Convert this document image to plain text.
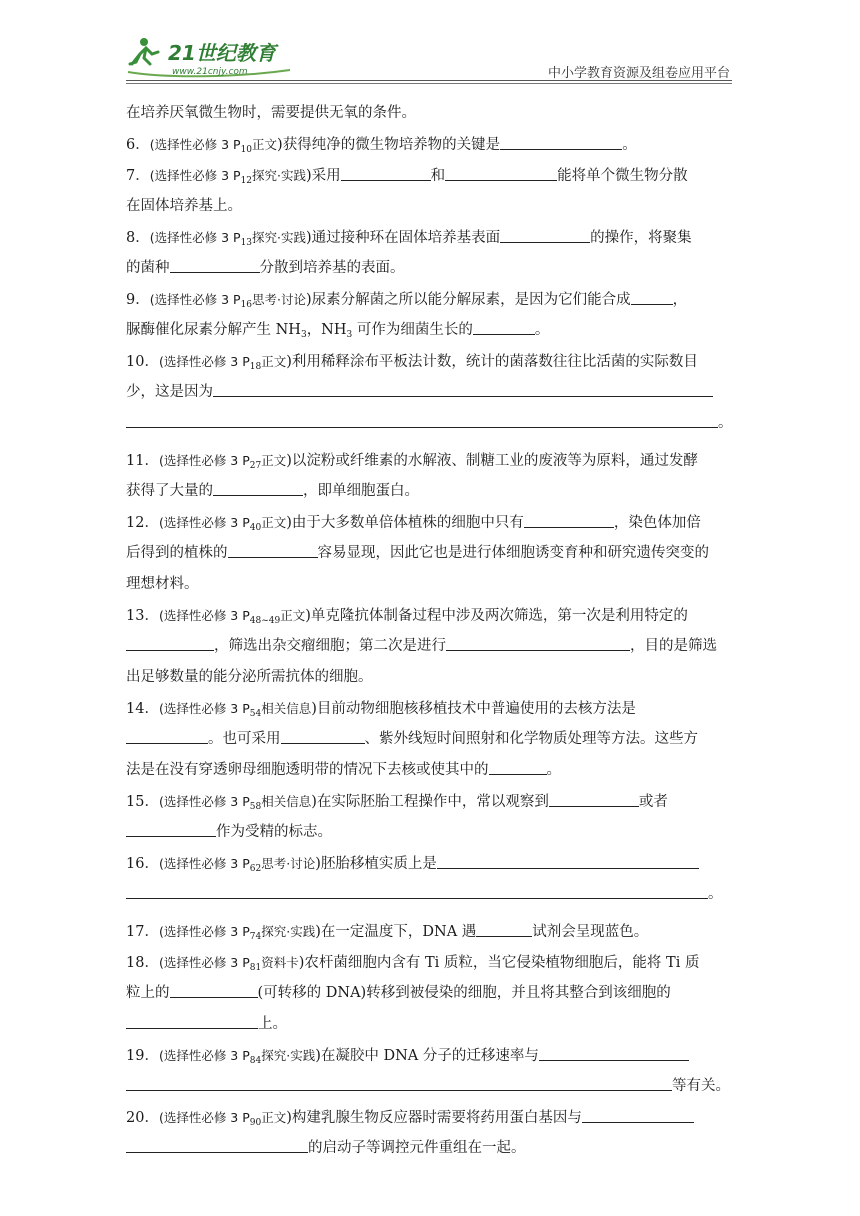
21世纪教育
www.21cnjy.com	中小学教育资源及组卷应用平台
在培养厌氧微生物时，需要提供无氧的条件。
6．(选择性必修 3 $P_{10}$正文)获得纯净的微生物培养物的关键是	。
7．(选择性必修 3 $P_{12}$探究·实践)采用	和	能将单个微生物分散
在固体培养基上。
8．(选择性必修 3 $P_{13}$探究·实践)通过接种环在固体培养基表面	的操作，将聚集
的菌种	分散到培养基的表面。
9．(选择性必修 3 $P_{16}$思考·讨论)尿素分解菌之所以能分解尿素，是因为它们能合成	，
脲酶催化尿素分解产生 $NH_3$，$NH_3$ 可作为细菌生长的	。
10．(选择性必修 3 $P_{18}$正文)利用稀释涂布平板法计数，统计的菌落数往往比活菌的实际数目
少，这是因为
。
11．(选择性必修 3 $P_{27}$正文)以淀粉或纤维素的水解液、制糖工业的废液等为原料，通过发酵
获得了大量的	，即单细胞蛋白。
12．(选择性必修 3 $P_{40}$正文)由于大多数单倍体植株的细胞中只有	，染色体加倍
后得到的植株的	容易显现，因此它也是进行体细胞诱变育种和研究遗传突变的
理想材料。
13．(选择性必修 3 $P_{48\sim 49}$正文)单克隆抗体制备过程中涉及两次筛选，第一次是利用特定的
，筛选出杂交瘤细胞；第二次是进行	，目的是筛选
出足够数量的能分泌所需抗体的细胞。
14．(选择性必修 3 $P_{54}$相关信息)目前动物细胞核移植技术中普遍使用的去核方法是
。也可采用	、紫外线短时间照射和化学物质处理等方法。这些方
法是在没有穿透卵母细胞透明带的情况下去核或使其中的	。
15．(选择性必修 3 $P_{58}$相关信息)在实际胚胎工程操作中，常以观察到	或者
作为受精的标志。
16．(选择性必修 3 $P_{62}$思考·讨论)胚胎移植实质上是
。
17．(选择性必修 3 $P_{74}$探究·实践)在一定温度下，DNA 遇	试剂会呈现蓝色。
18．(选择性必修 3 $P_{81}$资料卡)农杆菌细胞内含有 Ti 质粒，当它侵染植物细胞后，能将 Ti 质
粒上的	(可转移的 DNA)转移到被侵染的细胞，并且将其整合到该细胞的
上。
19．(选择性必修 3 $P_{84}$探究·实践)在凝胶中 DNA 分子的迁移速率与
等有关。
20．(选择性必修 3 $P_{90}$正文)构建乳腺生物反应器时需要将药用蛋白基因与
的启动子等调控元件重组在一起。
